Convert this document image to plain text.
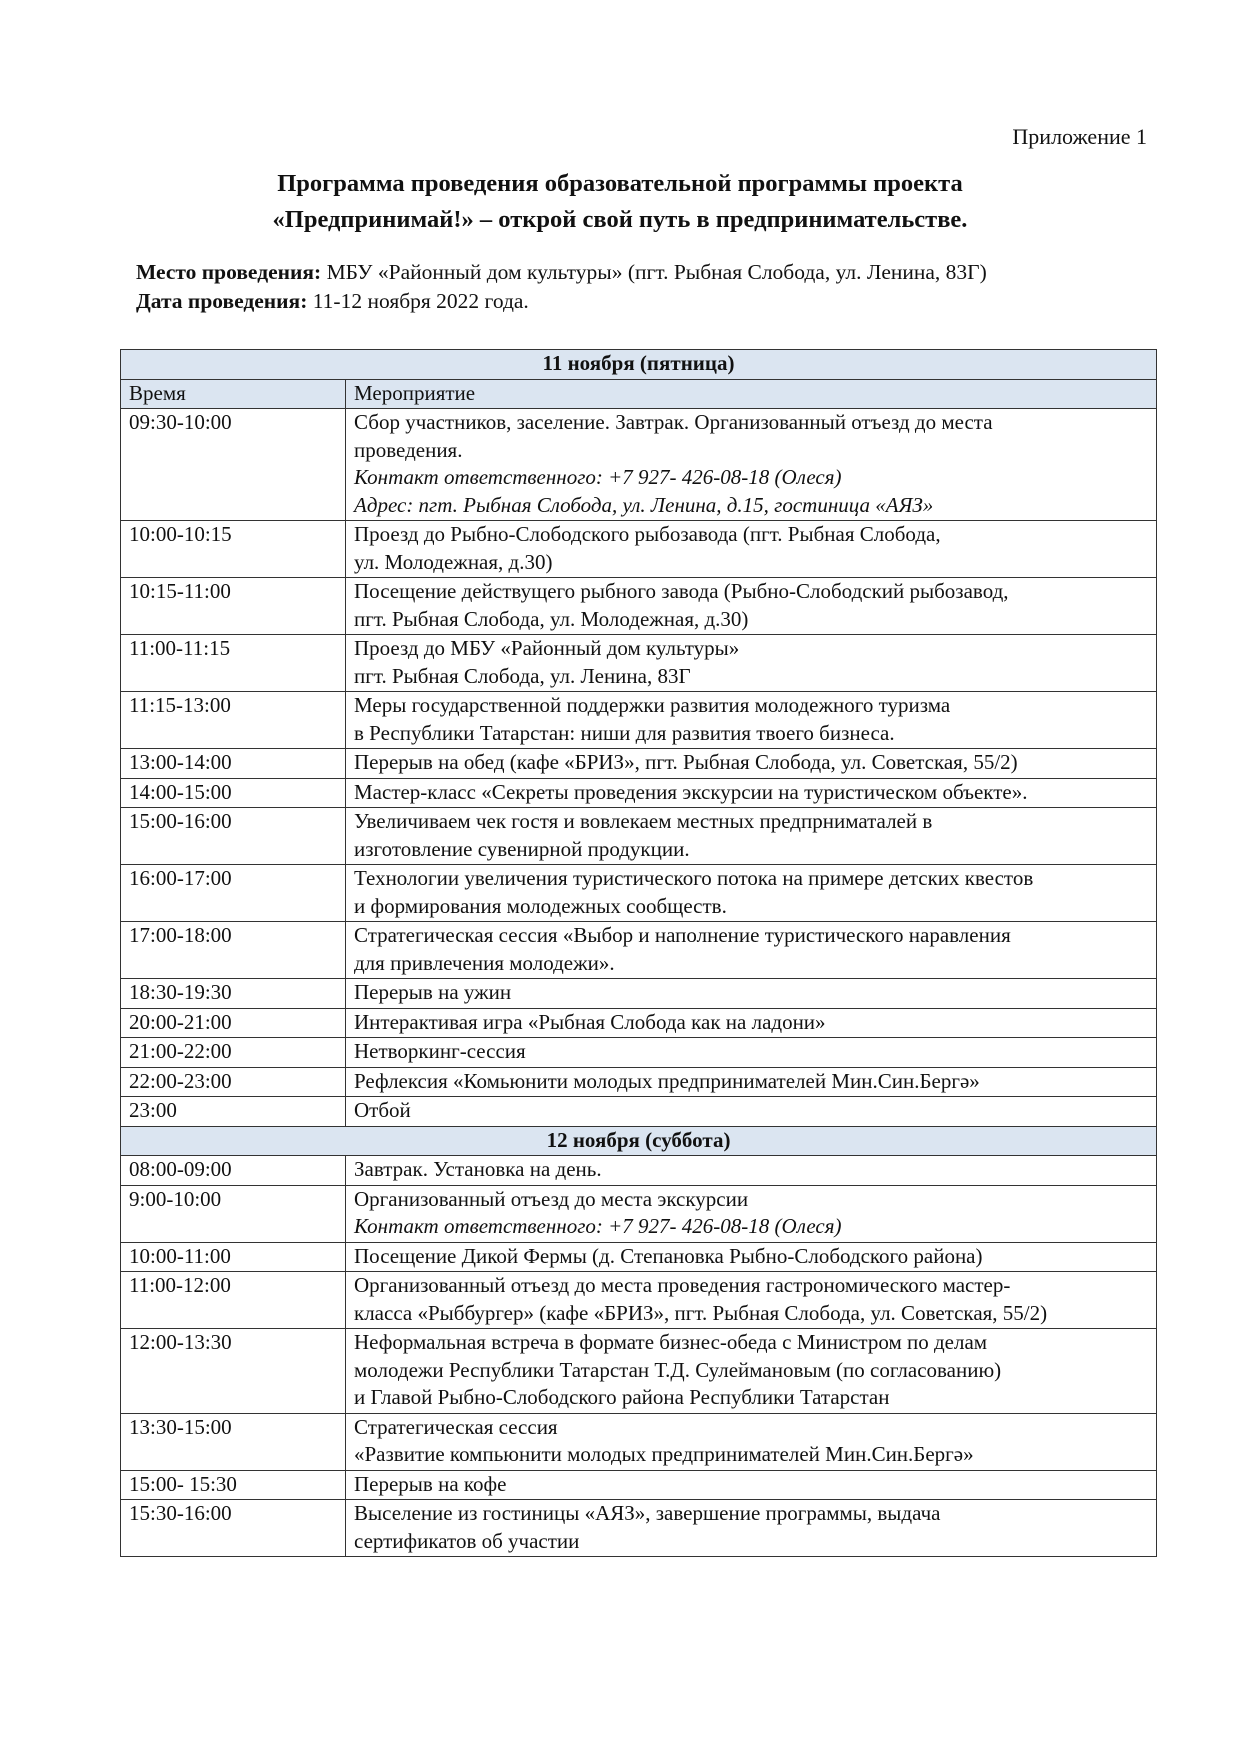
Приложение 1
Программа проведения образовательной программы проекта
«Предпринимай!» – открой свой путь в предпринимательстве.
Место проведения: МБУ «Районный дом культуры» (пгт. Рыбная Слобода, ул. Ленина, 83Г)
Дата проведения: 11-12 ноября 2022 года.
11 ноября (пятница)	
Время	Мероприятие
09:30-10:00	Сбор участников, заселение. Завтрак. Организованный отъезд до места
проведения.
Контакт ответственного: +7 927- 426-08-18 (Олеся)
Адрес: пгт. Рыбная Слобода, ул. Ленина, д.15, гостиница «АЯЗ»

10:00-10:15	Проезд до Рыбно-Слободского рыбозавода (пгт. Рыбная Слобода,
ул. Молодежная, д.30)

10:15-11:00	Посещение действущего рыбного завода (Рыбно-Слободский рыбозавод,
пгт. Рыбная Слобода, ул. Молодежная, д.30)

11:00-11:15	Проезд до МБУ «Районный дом культуры»
пгт. Рыбная Слобода, ул. Ленина, 83Г

11:15-13:00	Меры государственной поддержки развития молодежного туризма
в Республики Татарстан: ниши для развития твоего бизнеса.

13:00-14:00	Перерыв на обед (кафе «БРИЗ», пгт. Рыбная Слобода, ул. Советская, 55/2)

14:00-15:00	Мастер-класс «Секреты проведения экскурсии на туристическом объекте».

15:00-16:00	Увеличиваем чек гостя и вовлекаем местных предпрниматалей в
изготовление сувенирной продукции.

16:00-17:00	Технологии увеличения туристического потока на примере детских квестов
и формирования молодежных сообществ.

17:00-18:00	Стратегическая сессия «Выбор и наполнение туристического наравления
для привлечения молодежи».

18:30-19:30	Перерыв на ужин

20:00-21:00	Интерактивая игра «Рыбная Слобода как на ладони»

21:00-22:00	Нетворкинг-сессия

22:00-23:00	Рефлексия «Комьюнити молодых предпринимателей Мин.Син.Бергә»

23:00	Отбой

12 ноября (суббота)	
08:00-09:00	Завтрак. Установка на день.

9:00-10:00	Организованный отъезд до места экскурсии
Контакт ответственного: +7 927- 426-08-18 (Олеся)

10:00-11:00	Посещение Дикой Фермы (д. Степановка Рыбно-Слободского района)

11:00-12:00	Организованный отъезд до места проведения гастрономического мастер-
класса «Рыббургер» (кафе «БРИЗ», пгт. Рыбная Слобода, ул. Советская, 55/2)

12:00-13:30	Неформальная встреча в формате бизнес-обеда с Министром по делам
молодежи Республики Татарстан Т.Д. Сулеймановым (по согласованию)
и Главой Рыбно-Слободского района Республики Татарстан

13:30-15:00	Стратегическая сессия
«Развитие компьюнити молодых предпринимателей Мин.Син.Бергә»

15:00- 15:30	Перерыв на кофе

15:30-16:00	Выселение из гостиницы «АЯЗ», завершение программы, выдача
сертификатов об участии
